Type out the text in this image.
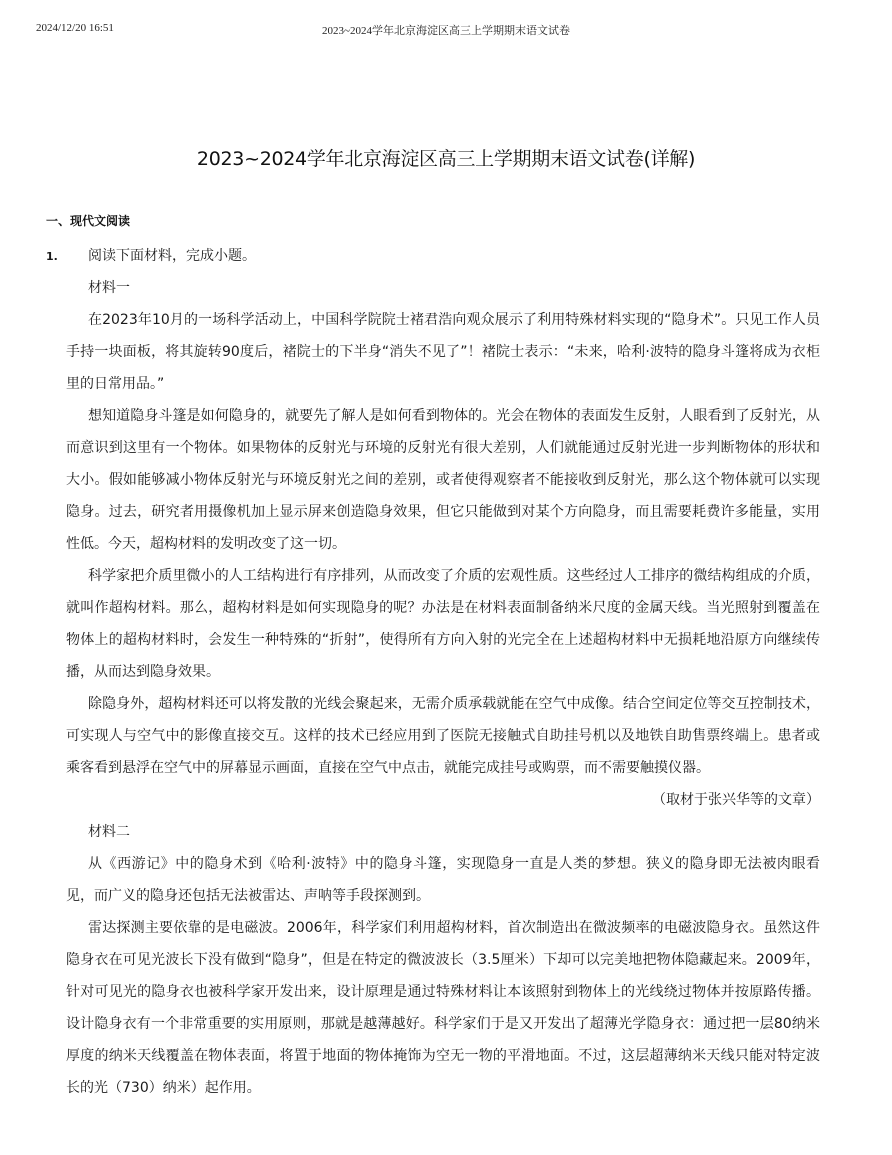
2024/12/20 16:51	2023~2024学年北京海淀区高三上学期期末语文试卷
2023~2024学年北京海淀区高三上学期期末语文试卷(详解)
一、现代文阅读
1.	阅读下面材料，完成小题。

材料一

在2023年10月的一场科学活动上，中国科学院院士褚君浩向观众展示了利用特殊材料实现的“隐身术”。只见工作人员手持一块面板，将其旋转90度后，褚院士的下半身“消失不见了”！褚院士表示：“未来，哈利·波特的隐身斗篷将成为衣柜里的日常用品。”

想知道隐身斗篷是如何隐身的，就要先了解人是如何看到物体的。光会在物体的表面发生反射，人眼看到了反射光，从而意识到这里有一个物体。如果物体的反射光与环境的反射光有很大差别，人们就能通过反射光进一步判断物体的形状和大小。假如能够减小物体反射光与环境反射光之间的差别，或者使得观察者不能接收到反射光，那么这个物体就可以实现隐身。过去，研究者用摄像机加上显示屏来创造隐身效果，但它只能做到对某个方向隐身，而且需要耗费许多能量，实用性低。今天，超构材料的发明改变了这一切。

科学家把介质里微小的人工结构进行有序排列，从而改变了介质的宏观性质。这些经过人工排序的微结构组成的介质，就叫作超构材料。那么，超构材料是如何实现隐身的呢？办法是在材料表面制备纳米尺度的金属天线。当光照射到覆盖在物体上的超构材料时，会发生一种特殊的“折射”，使得所有方向入射的光完全在上述超构材料中无损耗地沿原方向继续传播，从而达到隐身效果。

除隐身外，超构材料还可以将发散的光线会聚起来，无需介质承载就能在空气中成像。结合空间定位等交互控制技术，可实现人与空气中的影像直接交互。这样的技术已经应用到了医院无接触式自助挂号机以及地铁自助售票终端上。患者或乘客看到悬浮在空气中的屏幕显示画面，直接在空气中点击，就能完成挂号或购票，而不需要触摸仪器。

（取材于张兴华等的文章）

材料二

从《西游记》中的隐身术到《哈利·波特》中的隐身斗篷，实现隐身一直是人类的梦想。狭义的隐身即无法被肉眼看见，而广义的隐身还包括无法被雷达、声呐等手段探测到。

雷达探测主要依靠的是电磁波。2006年，科学家们利用超构材料，首次制造出在微波频率的电磁波隐身衣。虽然这件隐身衣在可见光波长下没有做到“隐身”，但是在特定的微波波长（3.5厘米）下却可以完美地把物体隐藏起来。2009年，针对可见光的隐身衣也被科学家开发出来，设计原理是通过特殊材料让本该照射到物体上的光线绕过物体并按原路传播。设计隐身衣有一个非常重要的实用原则，那就是越薄越好。科学家们于是又开发出了超薄光学隐身衣：通过把一层80纳米厚度的纳米天线覆盖在物体表面，将置于地面的物体掩饰为空无一物的平滑地面。不过，这层超薄纳米天线只能对特定波长的光（730）纳米）起作用。
